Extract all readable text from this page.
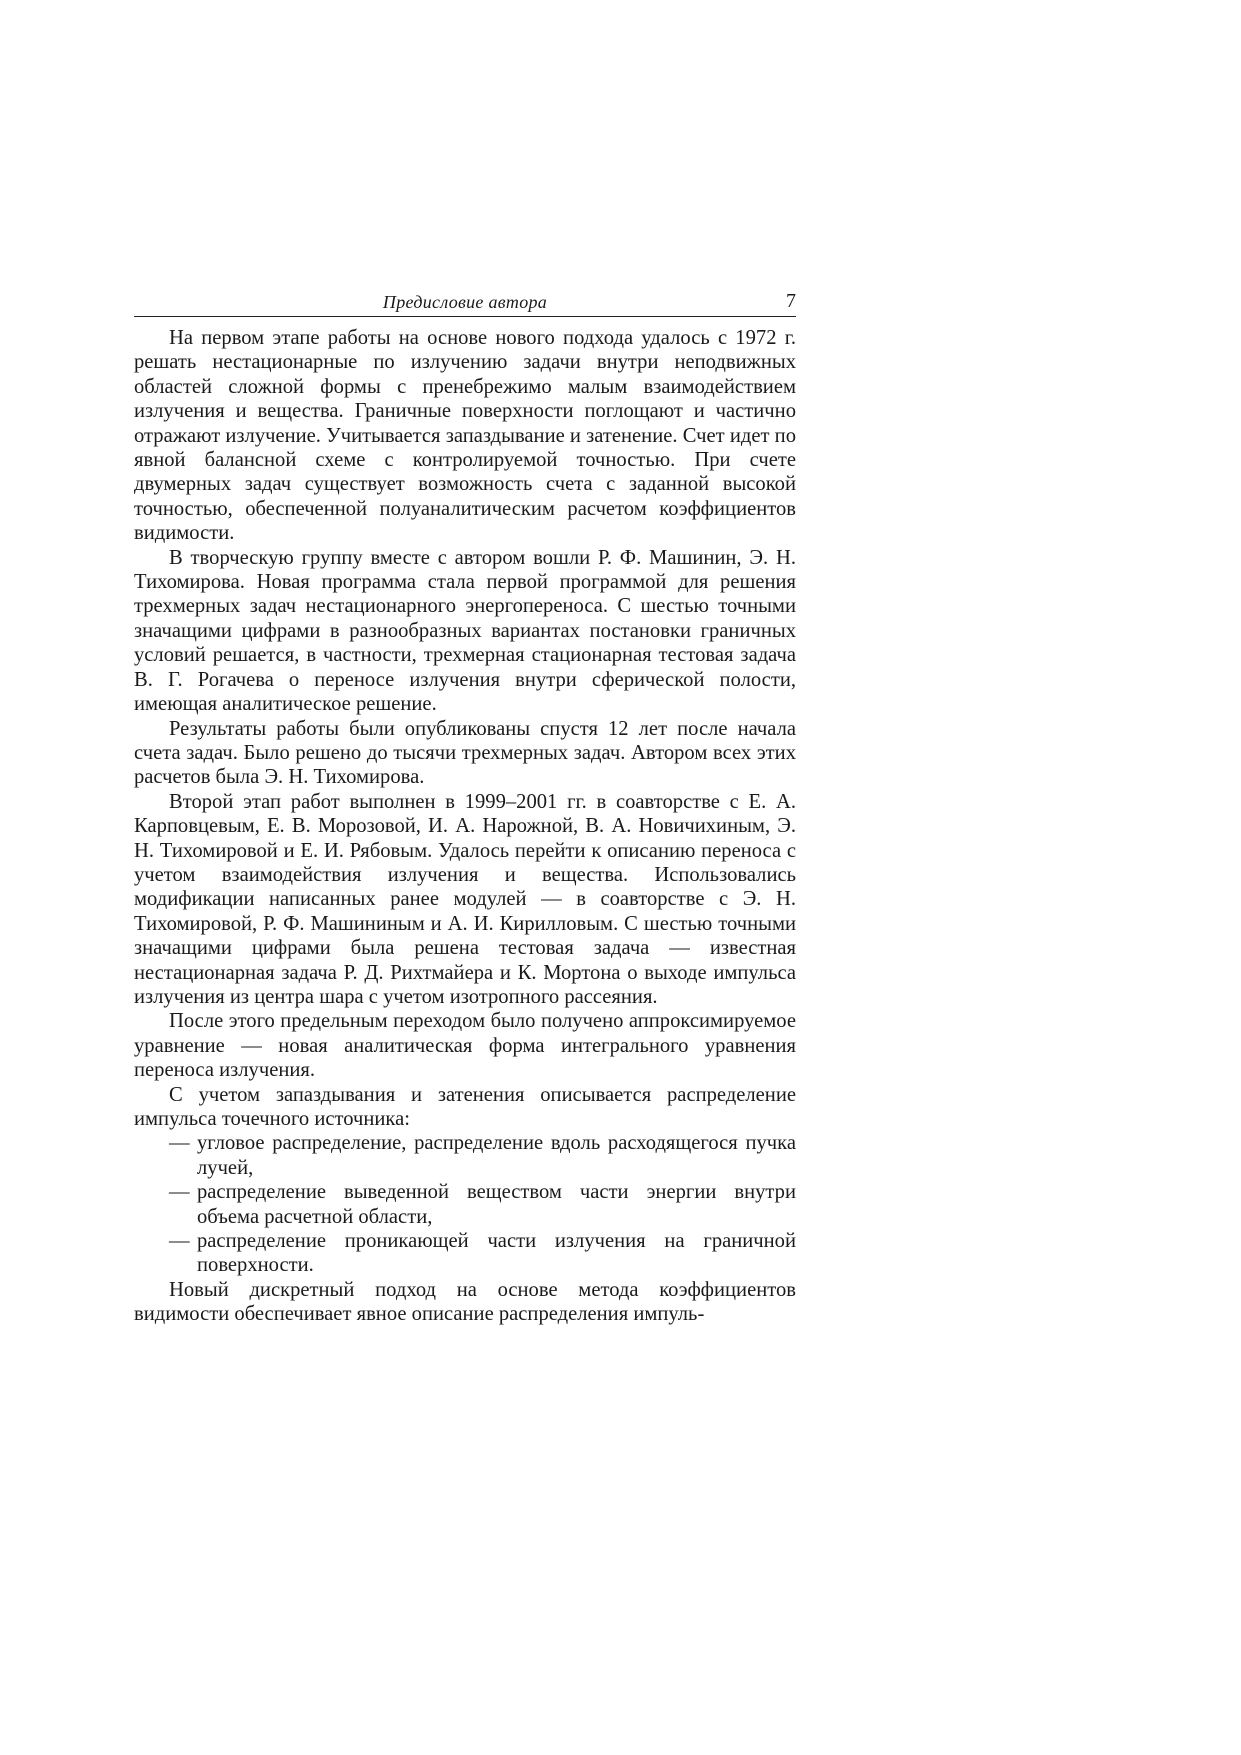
Предисловие автора	7

На первом этапе работы на основе нового подхода удалось с 1972 г. решать нестационарные по излучению задачи внутри неподвижных областей сложной формы с пренебрежимо малым взаимодействием излучения и вещества. Граничные поверхности поглощают и частично отражают излучение. Учитывается запаздывание и затенение. Счет идет по явной балансной схеме с контролируемой точностью. При счете двумерных задач существует возможность счета с заданной высокой точностью, обеспеченной полуаналитическим расчетом коэффициентов видимости.

В творческую группу вместе с автором вошли Р. Ф. Машинин, Э. Н. Тихомирова. Новая программа стала первой программой для решения трехмерных задач нестационарного энергопереноса. С шестью точными значащими цифрами в разнообразных вариантах постановки граничных условий решается, в частности, трехмерная стационарная тестовая задача В. Г. Рогачева о переносе излучения внутри сферической полости, имеющая аналитическое решение.

Результаты работы были опубликованы спустя 12 лет после начала счета задач. Было решено до тысячи трехмерных задач. Автором всех этих расчетов была Э. Н. Тихомирова.

Второй этап работ выполнен в 1999–2001 гг. в соавторстве с Е. А. Карповцевым, Е. В. Морозовой, И. А. Нарожной, В. А. Новичихиным, Э. Н. Тихомировой и Е. И. Рябовым. Удалось перейти к описанию переноса с учетом взаимодействия излучения и вещества. Использовались модификации написанных ранее модулей — в соавторстве с Э. Н. Тихомировой, Р. Ф. Машининым и А. И. Кирилловым. С шестью точными значащими цифрами была решена тестовая задача — известная нестационарная задача Р. Д. Рихтмайера и К. Мортона о выходе импульса излучения из центра шара с учетом изотропного рассеяния.

После этого предельным переходом было получено аппроксимируемое уравнение — новая аналитическая форма интегрального уравнения переноса излучения.

С учетом запаздывания и затенения описывается распределение импульса точечного источника:

— угловое распределение, распределение вдоль расходящегося пучка лучей,
— распределение выведенной веществом части энергии внутри объема расчетной области,
— распределение проникающей части излучения на граничной поверхности.

Новый дискретный подход на основе метода коэффициентов видимости обеспечивает явное описание распределения импуль-
